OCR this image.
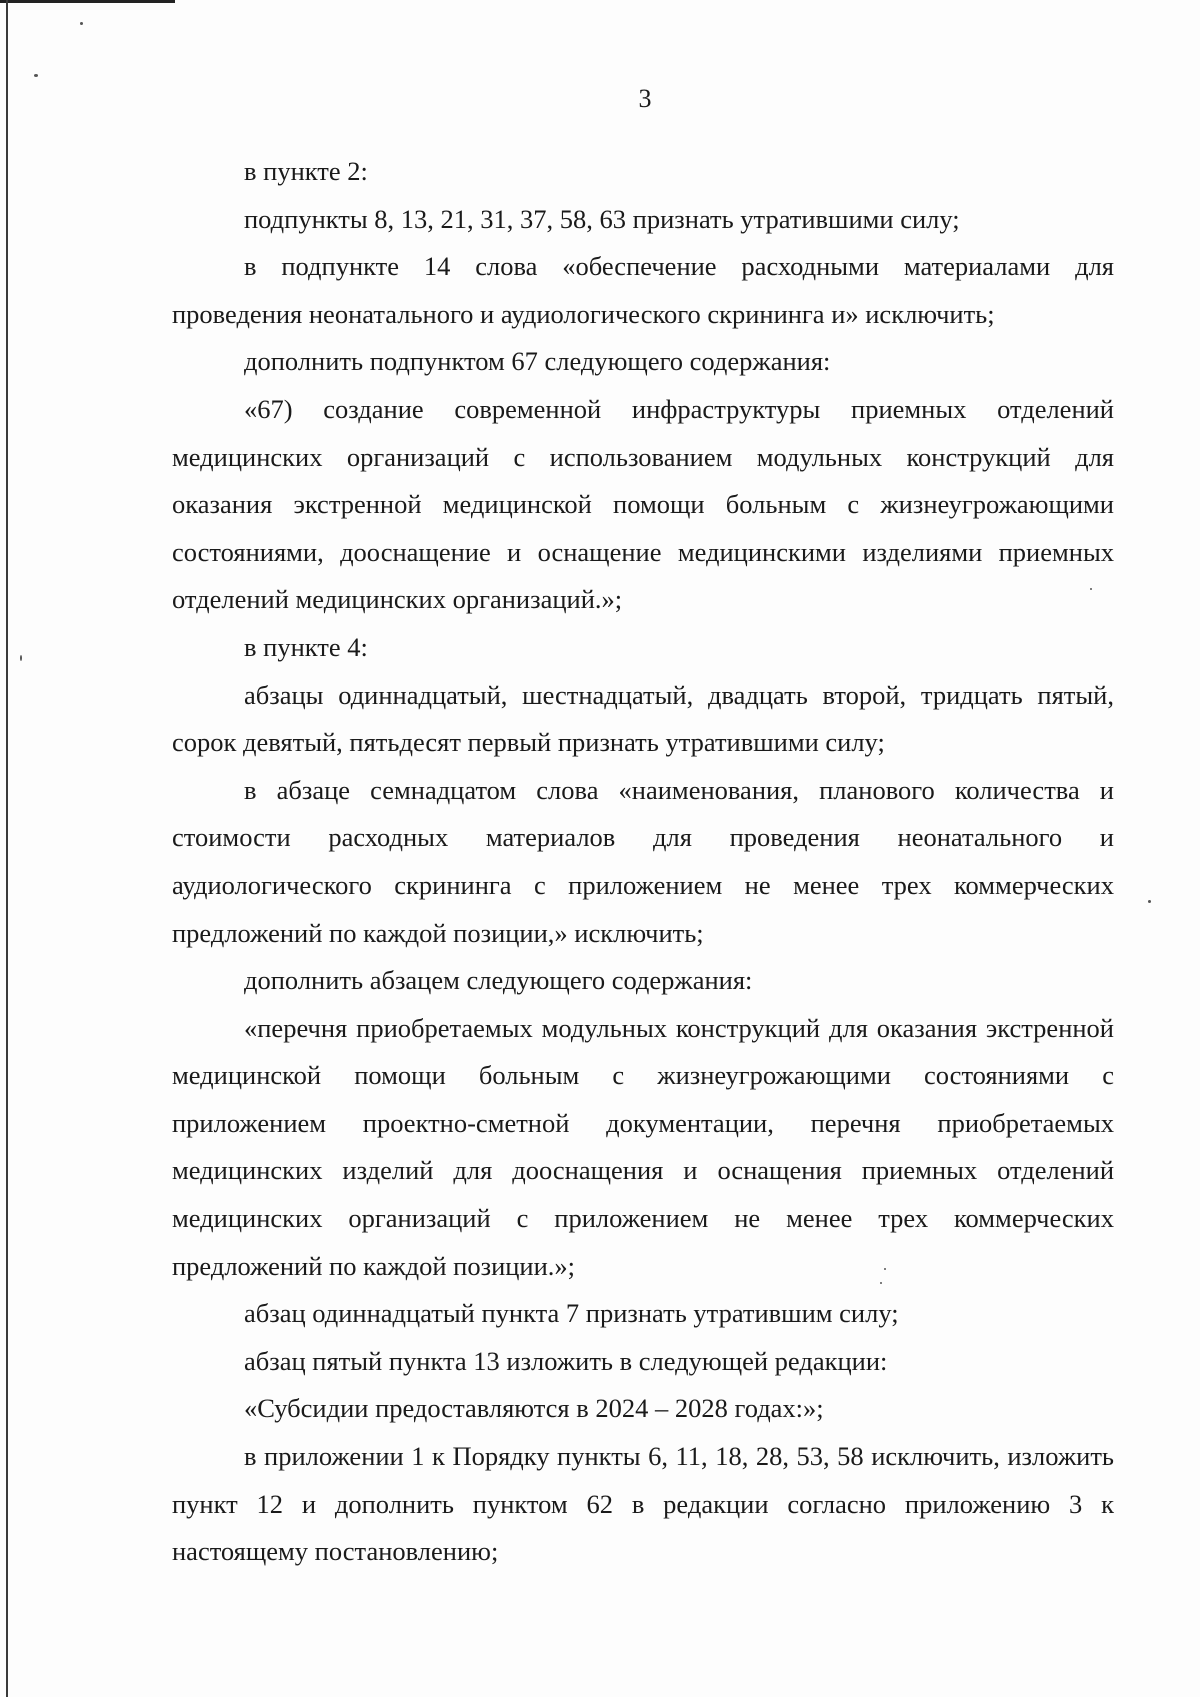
3

в пункте 2:

подпункты 8, 13, 21, 31, 37, 58, 63 признать утратившими силу;

в подпункте 14 слова «обеспечение расходными материалами для проведения неонатального и аудиологического скрининга и» исключить;

дополнить подпунктом 67 следующего содержания:

«67) создание современной инфраструктуры приемных отделений медицинских организаций с использованием модульных конструкций для оказания экстренной медицинской помощи больным с жизнеугрожающими состояниями, дооснащение и оснащение медицинскими изделиями приемных отделений медицинских организаций.»;

в пункте 4:

абзацы одиннадцатый, шестнадцатый, двадцать второй, тридцать пятый, сорок девятый, пятьдесят первый признать утратившими силу;

в абзаце семнадцатом слова «наименования, планового количества и стоимости расходных материалов для проведения неонатального и аудиологического скрининга с приложением не менее трех коммерческих предложений по каждой позиции,» исключить;

дополнить абзацем следующего содержания:

«перечня приобретаемых модульных конструкций для оказания экстренной медицинской помощи больным с жизнеугрожающими состояниями с приложением проектно-сметной документации, перечня приобретаемых медицинских изделий для дооснащения и оснащения приемных отделений медицинских организаций с приложением не менее трех коммерческих предложений по каждой позиции.»;

абзац одиннадцатый пункта 7 признать утратившим силу;

абзац пятый пункта 13 изложить в следующей редакции:

«Субсидии предоставляются в 2024 – 2028 годах:»;

в приложении 1 к Порядку пункты 6, 11, 18, 28, 53, 58 исключить, изложить пункт 12 и дополнить пунктом 62 в редакции согласно приложению 3 к настоящему постановлению;
